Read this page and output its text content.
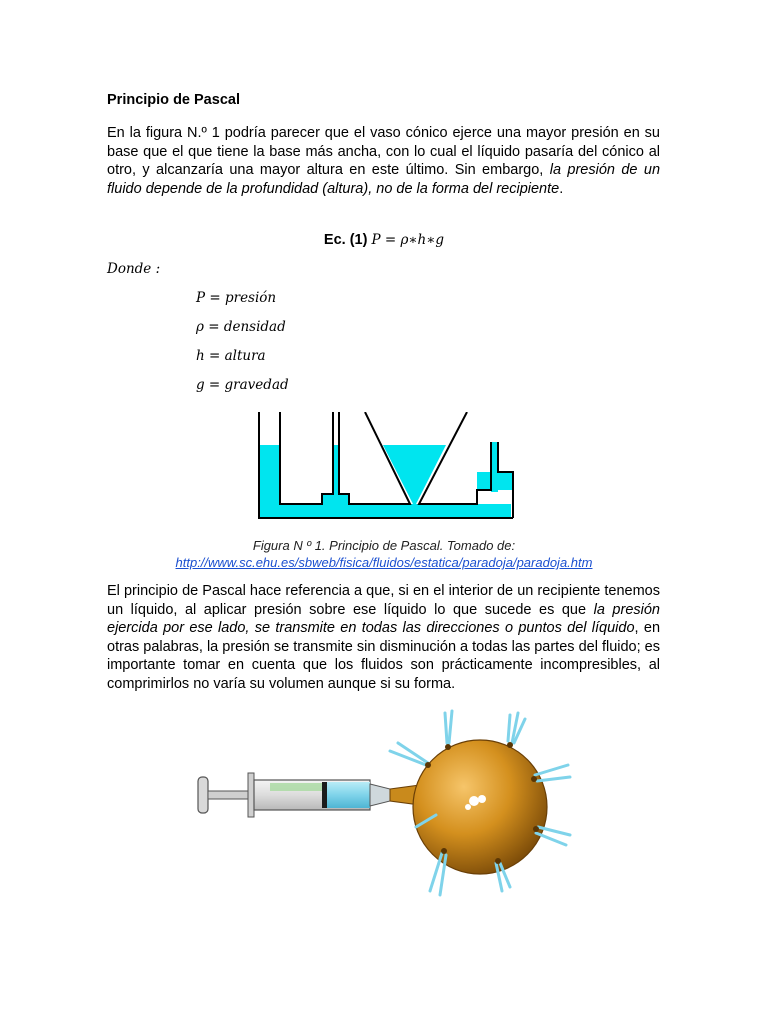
Principio de Pascal
En la figura N.º 1 podría parecer que el vaso cónico ejerce una mayor presión en su base que el que tiene la base más ancha, con lo cual el líquido pasaría del cónico al otro, y alcanzaría una mayor altura en este último. Sin embargo, la presión de un fluido depende de la profundidad (altura), no de la forma del recipiente.
Ec. (1) P = ρ∗h∗g
Donde :
P = presión
ρ = densidad
h = altura
g = gravedad
Figura N º 1. Principio de Pascal. Tomado de:
http://www.sc.ehu.es/sbweb/fisica/fluidos/estatica/paradoja/paradoja.htm
El principio de Pascal hace referencia a que, si en el interior de un recipiente tenemos un líquido, al aplicar presión sobre ese líquido lo que sucede es que la presión ejercida por ese lado, se transmite en todas las direcciones o puntos del líquido, en otras palabras, la presión se transmite sin disminución a todas las partes del fluido; es importante tomar en cuenta que los fluidos son prácticamente incompresibles, al comprimirlos no varía su volumen aunque si su forma.
